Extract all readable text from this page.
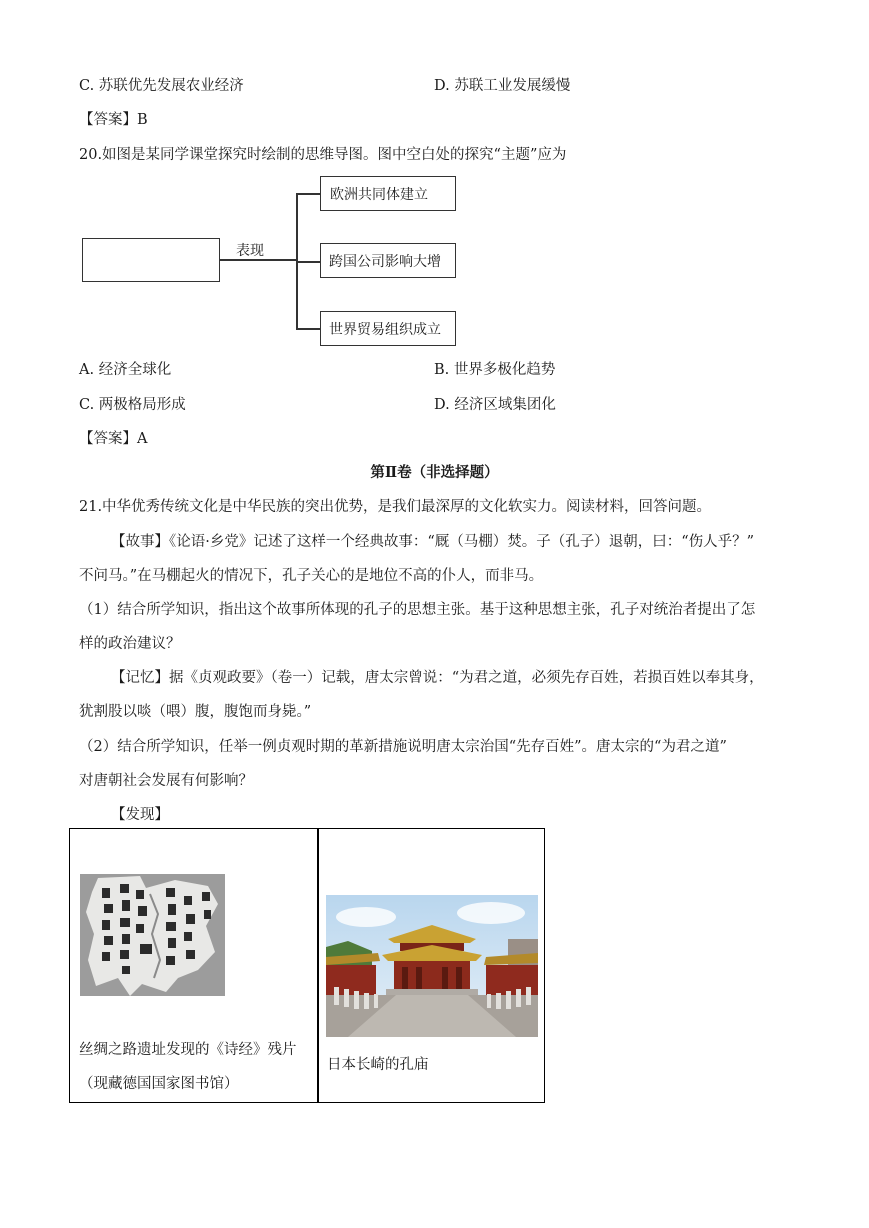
C. 苏联优先发展农业经济	D. 苏联工业发展缓慢
【答案】B
20.如图是某同学课堂探究时绘制的思维导图。图中空白处的探究“主题”应为
表现
欧洲共同体建立
跨国公司影响大增
世界贸易组织成立
A. 经济全球化	B. 世界多极化趋势
C. 两极格局形成	D. 经济区域集团化
【答案】A
第Ⅱ卷（非选择题）
21.中华优秀传统文化是中华民族的突出优势，是我们最深厚的文化软实力。阅读材料，回答问题。
【故事】《论语·乡党》记述了这样一个经典故事：“厩（马棚）焚。子（孔子）退朝，曰：“伤人乎？”
不问马。”在马棚起火的情况下，孔子关心的是地位不高的仆人，而非马。
（1）结合所学知识，指出这个故事所体现的孔子的思想主张。基于这种思想主张，孔子对统治者提出了怎
样的政治建议？
【记忆】据《贞观政要》（卷一）记载，唐太宗曾说：“为君之道，必须先存百姓，若损百姓以奉其身，
犹割股以啖（喂）腹，腹饱而身毙。”
（2）结合所学知识，任举一例贞观时期的革新措施说明唐太宗治国“先存百姓”。唐太宗的“为君之道”
对唐朝社会发展有何影响？
【发现】
丝绸之路遗址发现的《诗经》残片
（现藏德国国家图书馆）
日本长崎的孔庙
